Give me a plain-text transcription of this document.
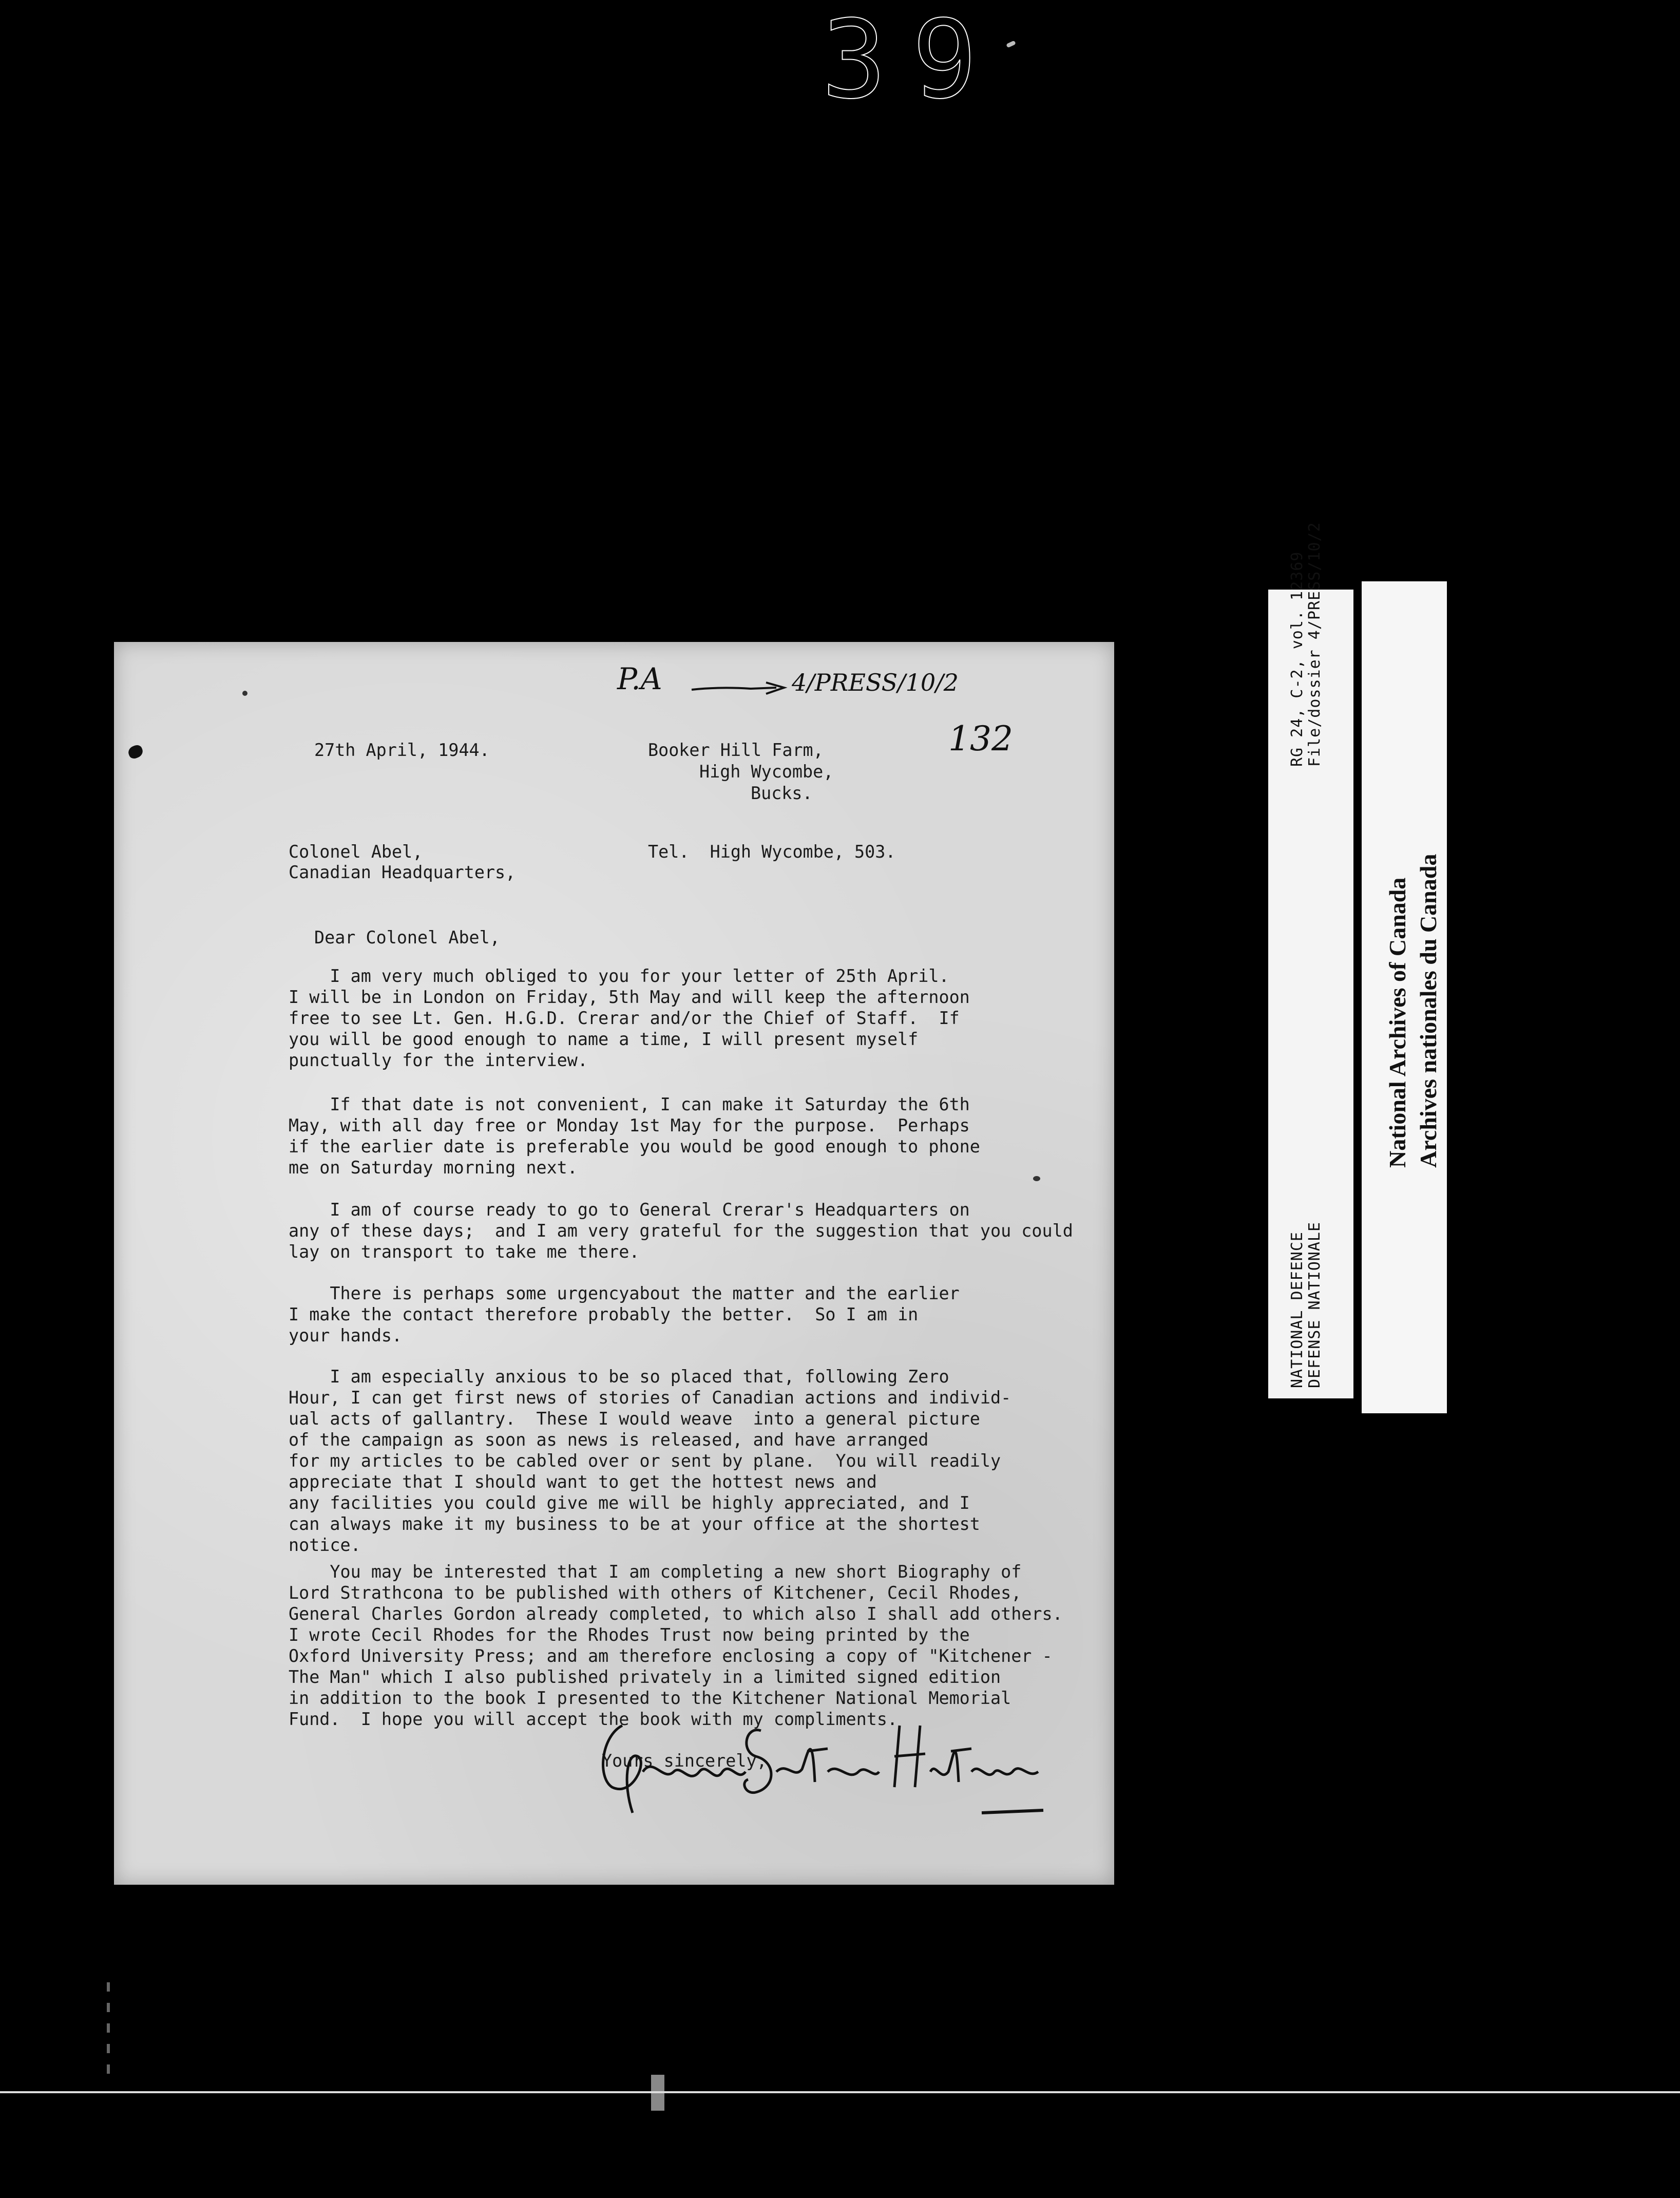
39
P.A	4/PRESS/10/2
132
27th April, 1944.	Booker Hill Farm,
High Wycombe,
Bucks.
Colonel Abel,
Canadian Headquarters,
Tel.  High Wycombe, 503.
Dear Colonel Abel,
I am very much obliged to you for your letter of 25th April.
I will be in London on Friday, 5th May and will keep the afternoon
free to see Lt. Gen. H.G.D. Crerar and/or the Chief of Staff.  If
you will be good enough to name a time, I will present myself
punctually for the interview.
If that date is not convenient, I can make it Saturday the 6th
May, with all day free or Monday 1st May for the purpose.  Perhaps
if the earlier date is preferable you would be good enough to phone
me on Saturday morning next.
I am of course ready to go to General Crerar's Headquarters on
any of these days;  and I am very grateful for the suggestion that you could
lay on transport to take me there.
There is perhaps some urgencyabout the matter and the earlier
I make the contact therefore probably the better.  So I am in
your hands.
I am especially anxious to be so placed that, following Zero
Hour, I can get first news of stories of Canadian actions and individ-
ual acts of gallantry.  These I would weave  into a general picture
of the campaign as soon as news is released, and have arranged
for my articles to be cabled over or sent by plane.  You will readily
appreciate that I should want to get the hottest news and
any facilities you could give me will be highly appreciated, and I
can always make it my business to be at your office at the shortest
notice.
You may be interested that I am completing a new short Biography of
Lord Strathcona to be published with others of Kitchener, Cecil Rhodes,
General Charles Gordon already completed, to which also I shall add others.
I wrote Cecil Rhodes for the Rhodes Trust now being printed by the
Oxford University Press; and am therefore enclosing a copy of "Kitchener -
The Man" which I also published privately in a limited signed edition
in addition to the book I presented to the Kitchener National Memorial
Fund.  I hope you will accept the book with my compliments.
Yours sincerely,
RG 24, C-2, vol. 12369
File/dossier 4/PRESS/10/2
NATIONAL DEFENCE
DEFENSE NATIONALE
National Archives of Canada Archives nationales du Canada
